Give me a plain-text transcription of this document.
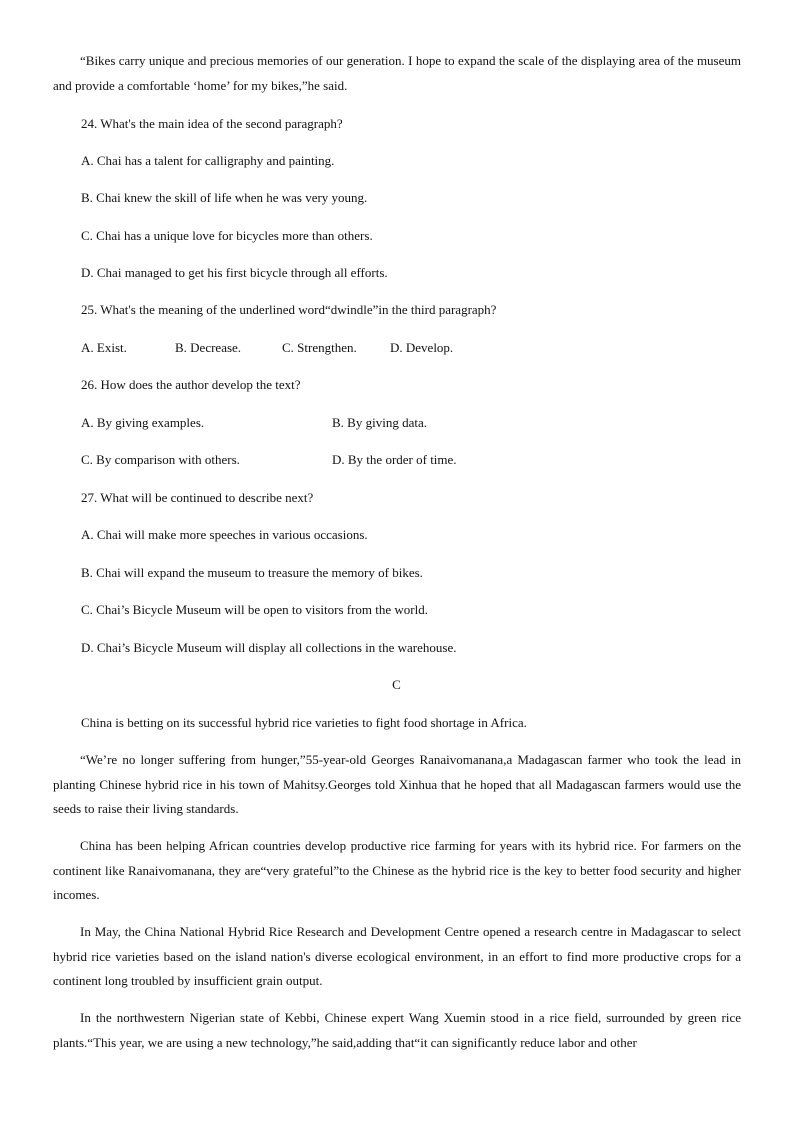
“Bikes carry unique and precious memories of our generation. I hope to expand the scale of the displaying area of the museum and provide a comfortable ‘home’ for my bikes,”he said.

24. What's the main idea of the second paragraph?
A. Chai has a talent for calligraphy and painting.
B. Chai knew the skill of life when he was very young.
C. Chai has a unique love for bicycles more than others.
D. Chai managed to get his first bicycle through all efforts.
25. What's the meaning of the underlined word“dwindle”in the third paragraph?
A. Exist.	B. Decrease.	C. Strengthen.	D. Develop.
26. How does the author develop the text?
A. By giving examples.	B. By giving data.
C. By comparison with others.	D. By the order of time.
27. What will be continued to describe next?
A. Chai will make more speeches in various occasions.
B. Chai will expand the museum to treasure the memory of bikes.
C. Chai’s Bicycle Museum will be open to visitors from the world.
D. Chai’s Bicycle Museum will display all collections in the warehouse.
C
China is betting on its successful hybrid rice varieties to fight food shortage in Africa.

“We’re no longer suffering from hunger,”55-year-old Georges Ranaivomanana,a Madagascan farmer who took the lead in planting Chinese hybrid rice in his town of Mahitsy.Georges told Xinhua that he hoped that all Madagascan farmers would use the seeds to raise their living standards.

China has been helping African countries develop productive rice farming for years with its hybrid rice. For farmers on the continent like Ranaivomanana, they are“very grateful”to the Chinese as the hybrid rice is the key to better food security and higher incomes.

In May, the China National Hybrid Rice Research and Development Centre opened a research centre in Madagascar to select hybrid rice varieties based on the island nation's diverse ecological environment, in an effort to find more productive crops for a continent long troubled by insufficient grain output.

In the northwestern Nigerian state of Kebbi, Chinese expert Wang Xuemin stood in a rice field, surrounded by green rice plants.“This year, we are using a new technology,”he said,adding that“it can significantly reduce labor and other
